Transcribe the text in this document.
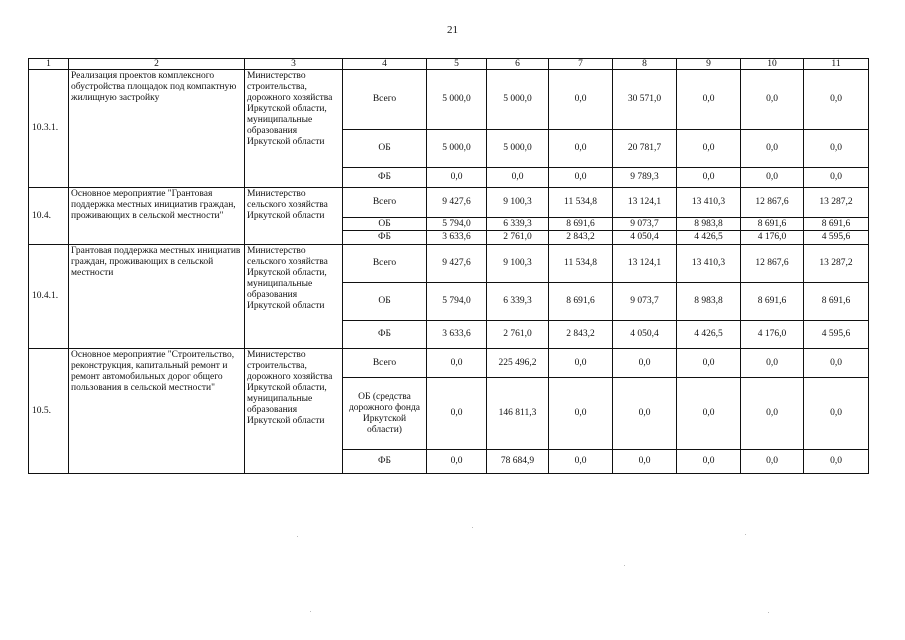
21
1	2	3	4	5	6	7	8	9	10	11
10.3.1.	Реализация проектов комплексного обустройства площадок под компактную жилищную застройку	Министерство строительства, дорожного хозяйства Иркутской области, муниципальные образования Иркутской области	Всего	5 000,0	5 000,0	0,0	30 571,0	0,0	0,0	0,0
			ОБ	5 000,0	5 000,0	0,0	20 781,7	0,0	0,0	0,0
			ФБ	0,0	0,0	0,0	9 789,3	0,0	0,0	0,0
10.4.	Основное мероприятие "Грантовая поддержка местных инициатив граждан, проживающих в сельской местности"	Министерство сельского хозяйства Иркутской области	Всего	9 427,6	9 100,3	11 534,8	13 124,1	13 410,3	12 867,6	13 287,2
			ОБ	5 794,0	6 339,3	8 691,6	9 073,7	8 983,8	8 691,6	8 691,6
			ФБ	3 633,6	2 761,0	2 843,2	4 050,4	4 426,5	4 176,0	4 595,6
10.4.1.	Грантовая поддержка местных инициатив граждан, проживающих в сельской местности	Министерство сельского хозяйства Иркутской области, муниципальные образования Иркутской области	Всего	9 427,6	9 100,3	11 534,8	13 124,1	13 410,3	12 867,6	13 287,2
			ОБ	5 794,0	6 339,3	8 691,6	9 073,7	8 983,8	8 691,6	8 691,6
			ФБ	3 633,6	2 761,0	2 843,2	4 050,4	4 426,5	4 176,0	4 595,6
10.5.	Основное мероприятие "Строительство, реконструкция, капитальный ремонт и ремонт автомобильных дорог общего пользования в сельской местности"	Министерство строительства, дорожного хозяйства Иркутской области, муниципальные образования Иркутской области	Всего	0,0	225 496,2	0,0	0,0	0,0	0,0	0,0
			ОБ (средства дорожного фонда Иркутской области)	0,0	146 811,3	0,0	0,0	0,0	0,0	0,0
			ФБ	0,0	78 684,9	0,0	0,0	0,0	0,0	0,0
